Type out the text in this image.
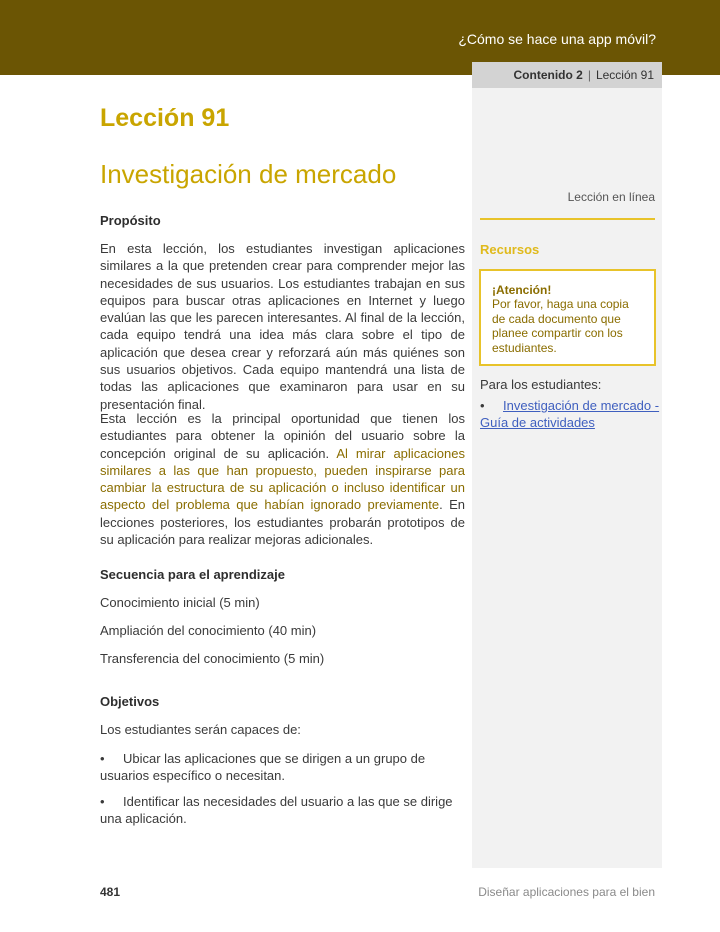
¿Cómo se hace una app móvil?
Contenido 2 | Lección 91
Lección 91
Investigación de mercado
Propósito
En esta lección, los estudiantes investigan aplicaciones similares a la que pretenden crear para comprender mejor las necesidades de sus usuarios. Los estudiantes trabajan en sus equipos para buscar otras aplicaciones en Internet y luego evalúan las que les parecen interesantes. Al final de la lección, cada equipo tendrá una idea más clara sobre el tipo de aplicación que desea crear y reforzará aún más quiénes son sus usuarios objetivos. Cada equipo mantendrá una lista de todas las aplicaciones que examinaron para usar en su presentación final.
Esta lección es la principal oportunidad que tienen los estudiantes para obtener la opinión del usuario sobre la concepción original de su aplicación. Al mirar aplicaciones similares a las que han propuesto, pueden inspirarse para cambiar la estructura de su aplicación o incluso identificar un aspecto del problema que habían ignorado previamente. En lecciones posteriores, los estudiantes probarán prototipos de su aplicación para realizar mejoras adicionales.
Secuencia para el aprendizaje
Conocimiento inicial (5 min)
Ampliación del conocimiento (40 min)
Transferencia del conocimiento (5 min)
Objetivos
Los estudiantes serán capaces de:
• Ubicar las aplicaciones que se dirigen a un grupo de usuarios específico o necesitan.
• Identificar las necesidades del usuario a las que se dirige una aplicación.
Lección en línea
Recursos
¡Atención!
Por favor, haga una copia de cada documento que planee compartir con los estudiantes.
Para los estudiantes:
• Investigación de mercado - Guía de actividades
481	Diseñar aplicaciones para el bien
